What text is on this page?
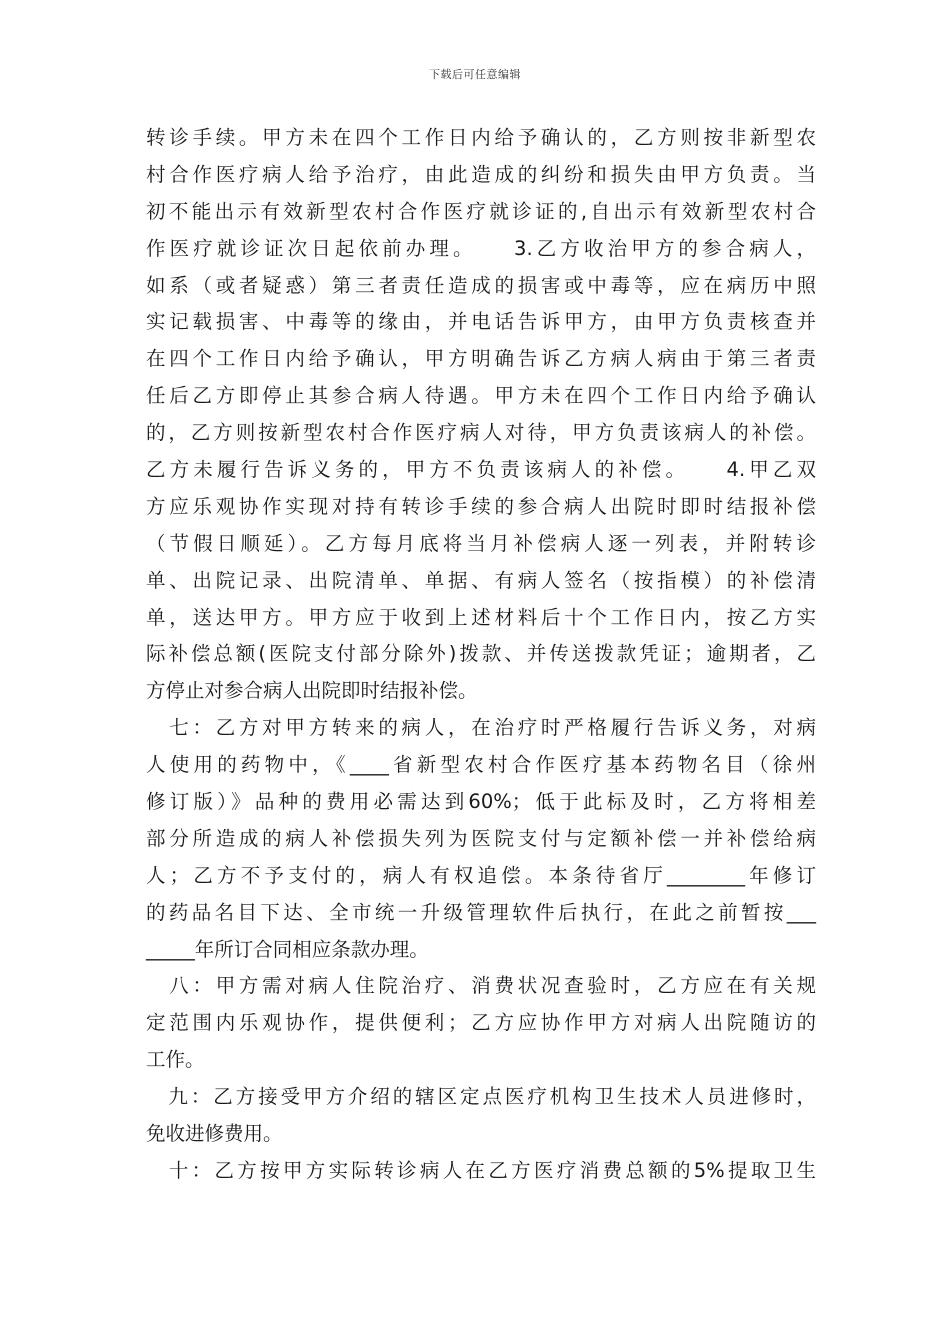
下载后可任意编辑
转诊手续。甲方未在四个工作日内给予确认的，乙方则按非新型农
村合作医疗病人给予治疗，由此造成的纠纷和损失由甲方负责。当
初不能出示有效新型农村合作医疗就诊证的,自出示有效新型农村合
作医疗就诊证次日起依前办理。　　3.乙方收治甲方的参合病人，
如系（或者疑惑）第三者责任造成的损害或中毒等，应在病历中照
实记载损害、中毒等的缘由，并电话告诉甲方，由甲方负责核查并
在四个工作日内给予确认，甲方明确告诉乙方病人病由于第三者责
任后乙方即停止其参合病人待遇。甲方未在四个工作日内给予确认
的，乙方则按新型农村合作医疗病人对待，甲方负责该病人的补偿。
乙方未履行告诉义务的，甲方不负责该病人的补偿。　　4.甲乙双
方应乐观协作实现对持有转诊手续的参合病人出院时即时结报补偿
（节假日顺延）。乙方每月底将当月补偿病人逐一列表，并附转诊
单、出院记录、出院清单、单据、有病人签名（按指模）的补偿清
单，送达甲方。甲方应于收到上述材料后十个工作日内，按乙方实
际补偿总额(医院支付部分除外)拨款、并传送拨款凭证；逾期者，乙
方停止对参合病人出院即时结报补偿。
　七：乙方对甲方转来的病人，在治疗时严格履行告诉义务，对病
人使用的药物中，《____省新型农村合作医疗基本药物名目（徐州
修订版）》品种的费用必需达到60%；低于此标及时，乙方将相差
部分所造成的病人补偿损失列为医院支付与定额补偿一并补偿给病
人；乙方不予支付的，病人有权追偿。本条待省厅________年修订
的药品名目下达、全市统一升级管理软件后执行，在此之前暂按___
_____年所订合同相应条款办理。
　八：甲方需对病人住院治疗、消费状况查验时，乙方应在有关规
定范围内乐观协作，提供便利；乙方应协作甲方对病人出院随访的
工作。
　九：乙方接受甲方介绍的辖区定点医疗机构卫生技术人员进修时，
免收进修费用。
　十：乙方按甲方实际转诊病人在乙方医疗消费总额的5%提取卫生
